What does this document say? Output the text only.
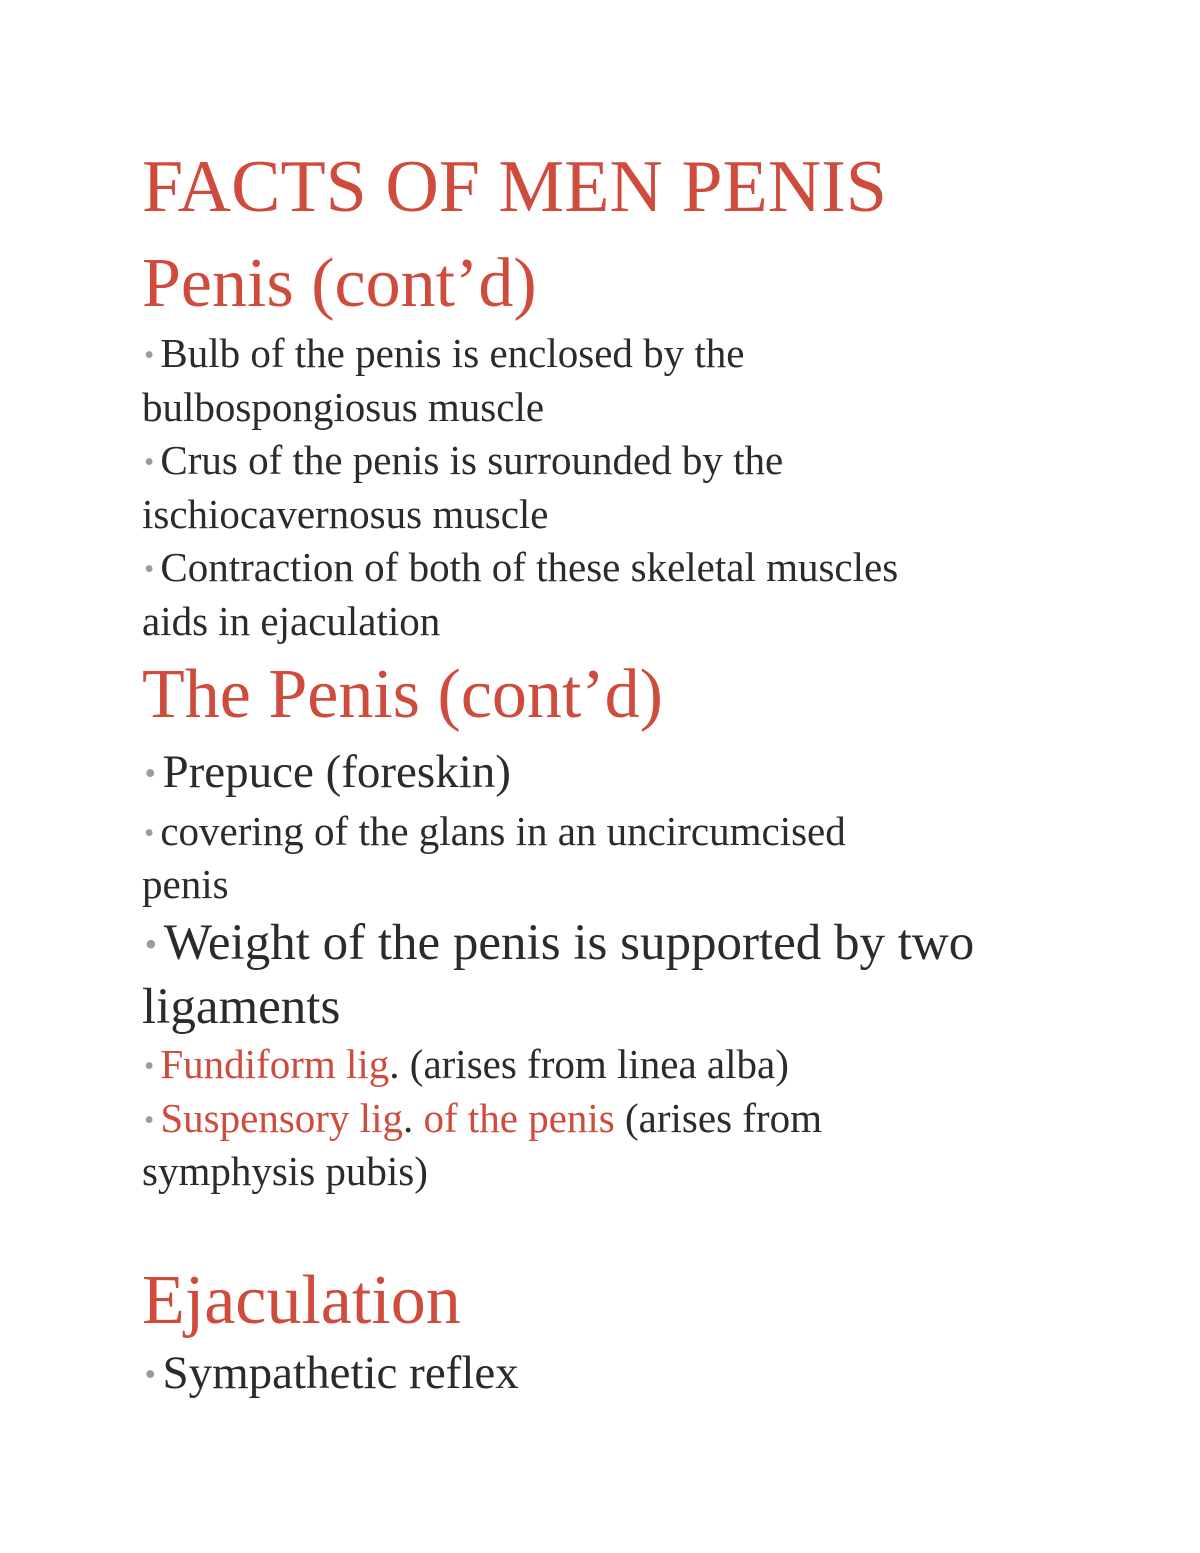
FACTS OF MEN PENIS
Penis (cont’d)
• Bulb of the penis is enclosed by the
bulbospongiosus muscle
• Crus of the penis is surrounded by the
ischiocavernosus muscle
• Contraction of both of these skeletal muscles
aids in ejaculation
The Penis (cont’d)
• Prepuce (foreskin)
• covering of the glans in an uncircumcised
penis
• Weight of the penis is supported by two
ligaments
• Fundiform lig. (arises from linea alba)
• Suspensory lig. of the penis (arises from
symphysis pubis)
Ejaculation
• Sympathetic reflex
